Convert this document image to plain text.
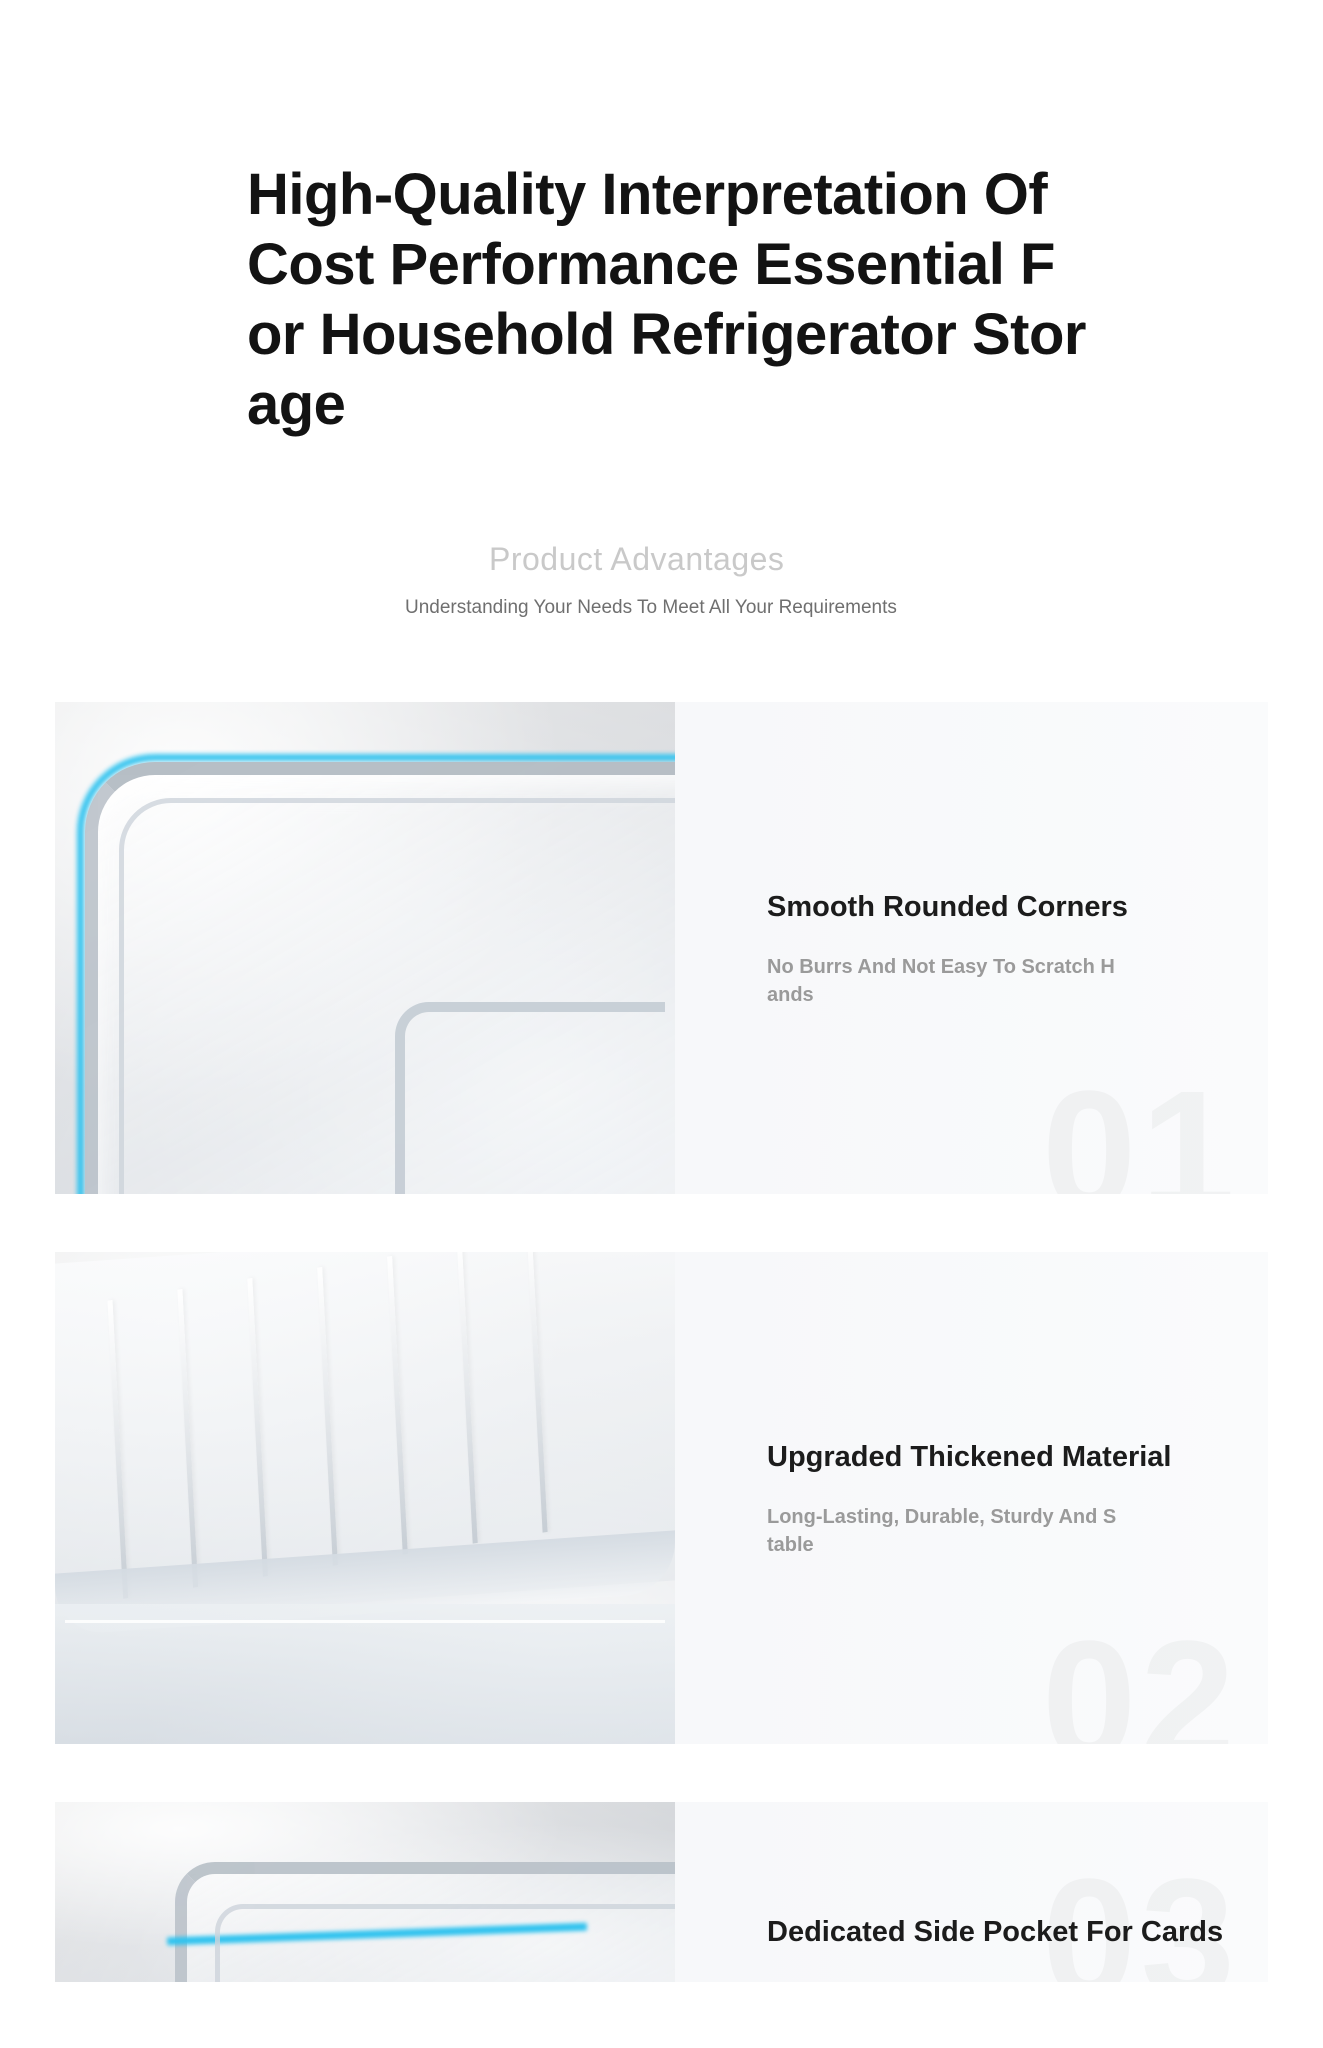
High-Quality Interpretation Of Cost Performance Essential For Household Refrigerator Storage
Product Advantages
Understanding Your Needs To Meet All Your Requirements
Smooth Rounded Corners
No Burrs And Not Easy To Scratch Hands
Upgraded Thickened Material
Long-Lasting, Durable, Sturdy And Stable
Dedicated Side Pocket For Cards
